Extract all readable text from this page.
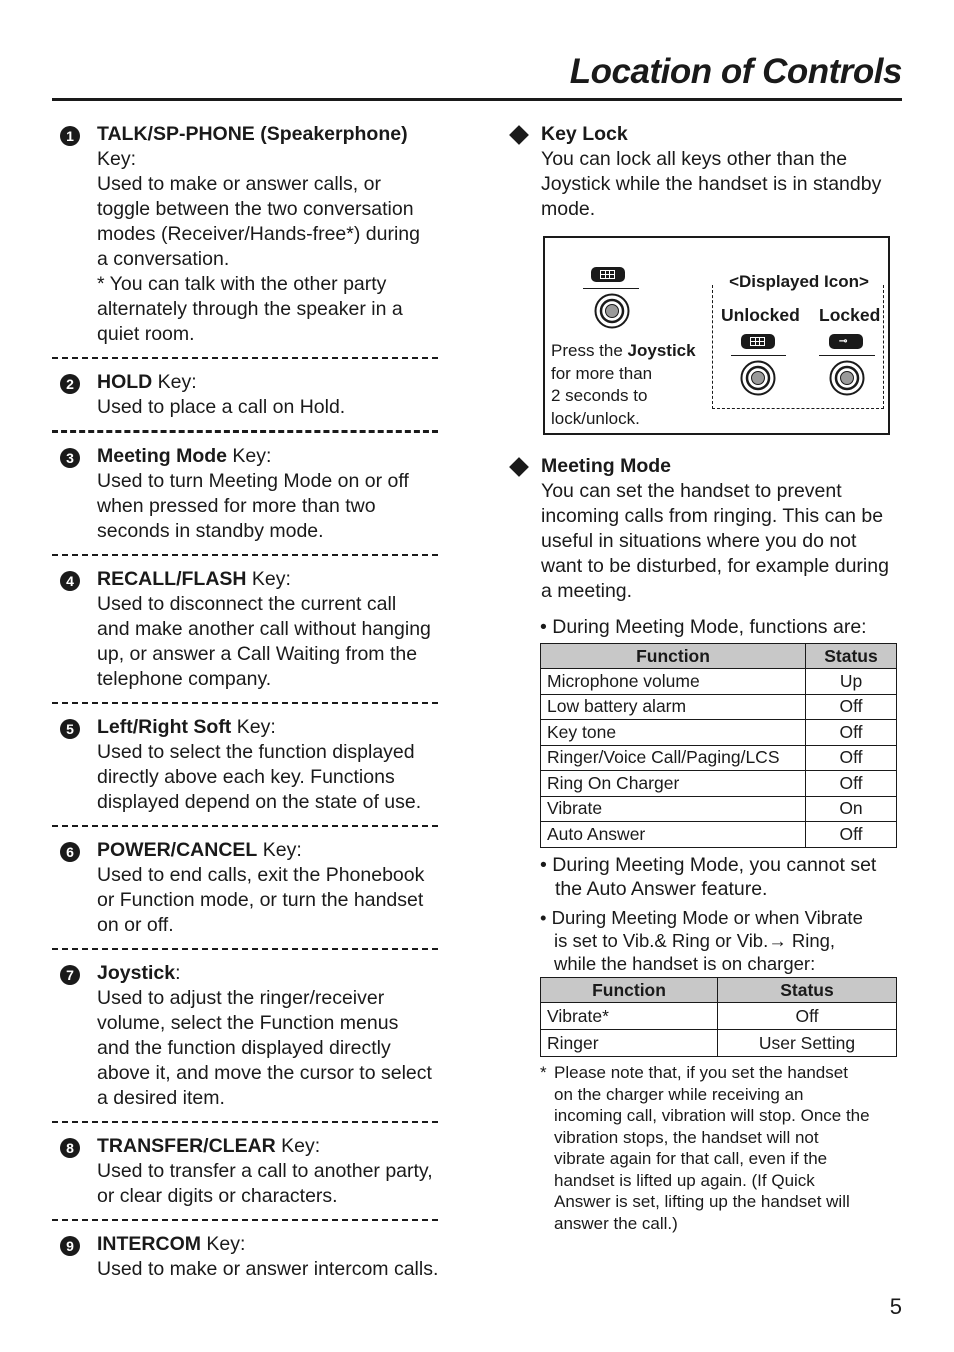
Location of Controls
1	TALK/SP-PHONE (Speakerphone) Key:
Used to make or answer calls, or
toggle between the two conversation
modes (Receiver/Hands-free*) during
a conversation.
* You can talk with the other party
alternately through the speaker in a
quiet room.
2	HOLD Key:
Used to place a call on Hold.
3	Meeting Mode Key:
Used to turn Meeting Mode on or off
when pressed for more than two
seconds in standby mode.
4	RECALL/FLASH Key:
Used to disconnect the current call
and make another call without hanging
up, or answer a Call Waiting from the
telephone company.
5	Left/Right Soft Key:
Used to select the function displayed
directly above each key. Functions
displayed depend on the state of use.
6	POWER/CANCEL Key:
Used to end calls, exit the Phonebook
or Function mode, or turn the handset
on or off.
7	Joystick:
Used to adjust the ringer/receiver
volume, select the Function menus
and the function displayed directly
above it, and move the cursor to select
a desired item.
8	TRANSFER/CLEAR Key:
Used to transfer a call to another party,
or clear digits or characters.
9	INTERCOM Key:
Used to make or answer intercom calls.
Key Lock
You can lock all keys other than the
Joystick while the handset is in standby
mode.
Press the Joystick
for more than
2 seconds to
lock/unlock.
<Displayed Icon>
Unlocked Locked
⊸
Meeting Mode
You can set the handset to prevent
incoming calls from ringing. This can be
useful in situations where you do not
want to be disturbed, for example during
a meeting.
• During Meeting Mode, functions are:
Function	Status
Microphone volume	Up
Low battery alarm	Off
Key tone	Off
Ringer/Voice Call/Paging/LCS	Off
Ring On Charger	Off
Vibrate	On
Auto Answer	Off
• During Meeting Mode, you cannot set
the Auto Answer feature.
• During Meeting Mode or when Vibrate
is set to Vib.& Ring or Vib.→ Ring,
while the handset is on charger:
Function	Status
Vibrate*	Off
Ringer	User Setting
* Please note that, if you set the handset
on the charger while receiving an
incoming call, vibration will stop. Once the
vibration stops, the handset will not
vibrate again for that call, even if the
handset is lifted up again. (If Quick
Answer is set, lifting up the handset will
answer the call.)
5
